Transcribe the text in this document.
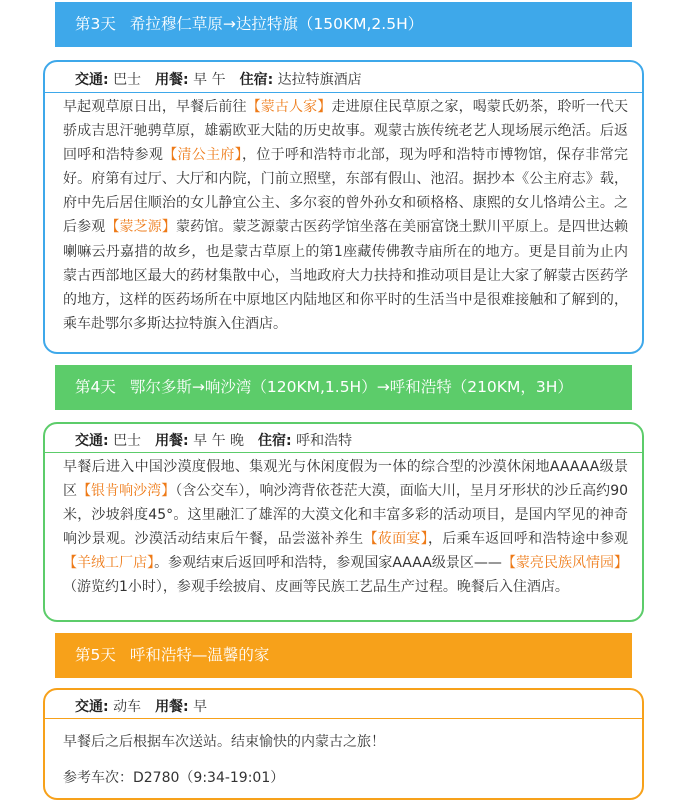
第3天 希拉穆仁草原→达拉特旗（150KM,2.5H）
交通: 巴士 用餐: 早 午 住宿: 达拉特旗酒店
早起观草原日出，早餐后前往【蒙古人家】走进原住民草原之家，喝蒙氏奶茶，聆听一代天骄成吉思汗驰骋草原，雄霸欧亚大陆的历史故事。观蒙古族传统老艺人现场展示绝活。后返回呼和浩特参观【清公主府】，位于呼和浩特市北部，现为呼和浩特市博物馆，保存非常完好。府第有过厅、大厅和内院，门前立照壁，东部有假山、池沼。据抄本《公主府志》载，府中先后居住顺治的女儿静宜公主、多尔衮的曾外孙女和硕格格、康熙的女儿恪靖公主。之后参观【蒙芝源】蒙药馆。蒙芝源蒙古医药学馆坐落在美丽富饶土默川平原上。是四世达赖喇嘛云丹嘉措的故乡，也是蒙古草原上的第1座藏传佛教寺庙所在的地方。更是目前为止内蒙古西部地区最大的药材集散中心，当地政府大力扶持和推动项目是让大家了解蒙古医药学的地方，这样的医药场所在中原地区内陆地区和你平时的生活当中是很难接触和了解到的，乘车赴鄂尔多斯达拉特旗入住酒店。
第4天 鄂尔多斯→响沙湾（120KM,1.5H）→呼和浩特（210KM，3H）
交通: 巴士 用餐: 早 午 晚 住宿: 呼和浩特
早餐后进入中国沙漠度假地、集观光与休闲度假为一体的综合型的沙漠休闲地AAAAA级景区【银肯响沙湾】（含公交车），响沙湾背依苍茫大漠，面临大川，呈月牙形状的沙丘高约90米，沙坡斜度45°。这里融汇了雄浑的大漠文化和丰富多彩的活动项目，是国内罕见的神奇响沙景观。沙漠活动结束后午餐，品尝滋补养生【莜面宴】，后乘车返回呼和浩特途中参观【羊绒工厂店】。参观结束后返回呼和浩特，参观国家AAAA级景区——【蒙亮民族风情园】（游览约1小时），参观手绘披肩、皮画等民族工艺品生产过程。晚餐后入住酒店。
第5天 呼和浩特—温馨的家
交通: 动车 用餐: 早
早餐后之后根据车次送站。结束愉快的内蒙古之旅！
参考车次：D2780（9:34-19:01）
